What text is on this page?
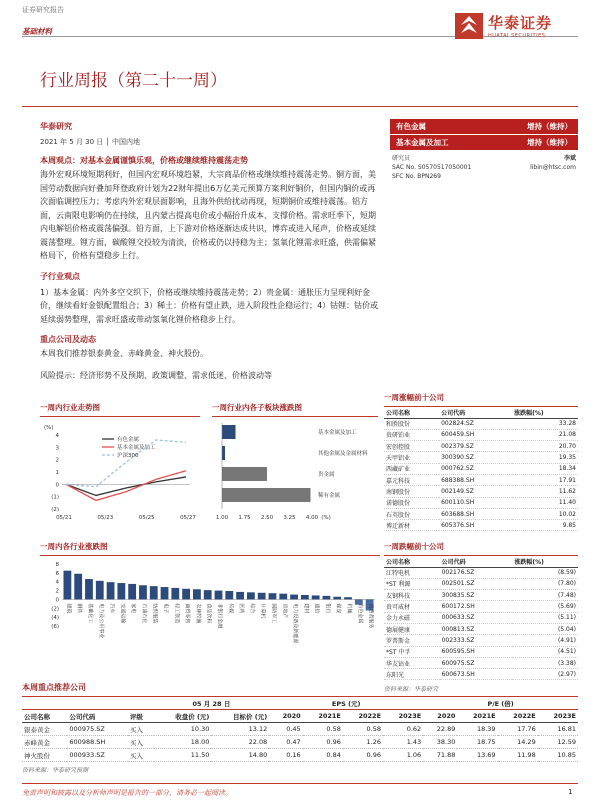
证券研究报告
基础材料	华泰证券
HUATAI SECURITIES
行业周报（第二十一周）
华泰研究
2021 年 5 月 30 日 │ 中国内地
本周观点：对基本金属谨慎乐观，价格或继续维持震荡走势
海外宏观环境短期利好，但国内宏观环境趋紧，大宗商品价格或继续维持震荡走势。铜方面，美国劳动数据向好叠加拜登政府计划为22财年提出6万亿美元预算方案利好铜价，但国内铜价或再次面临调控压力；考虑内外宏观层面影响，且海外供给扰动再现，短期铜价或维持震荡。铝方面，云南限电影响仍在持续，且内蒙古提高电价或小幅抬升成本、支撑价格。需求旺季下，短期内电解铝价格或震荡偏强。铅方面，上下游对价格逐渐达成共识，博弈或进入尾声，价格或延续震荡整理。锂方面，碳酸锂交投较为清淡，价格或仍以持稳为主；氢氧化锂需求旺盛，供需偏紧格局下，价格有望稳步上行。
子行业观点
1）基本金属：内外多空交织下，价格或继续维持震荡走势；2）贵金属：通胀压力呈现利好金价，继续看好金银配置组合；3）稀土：价格有望止跌，进入阶段性企稳运行；4）钴锂：钴价或延续弱势整理，需求旺盛或带动氢氧化锂价格稳步上行。
重点公司及动态
本周我们推荐银泰黄金、赤峰黄金、神火股份。
风险提示：经济形势不及预期、政策调整、需求低迷、价格波动等
有色金属	增持（维持）
基本金属及加工	增持（维持）
研究员	李斌
SAC No. S0570517050001	libin@htsc.com
SFC No. BPN269
一周涨幅前十公司
公司名称	公司代码	涨跌幅(%)
和胜股份	002824.SZ	33.28
贵研铂业	600459.SH	21.08
宏创控股	002379.SZ	20.70
天甲铝业	300390.SZ	19.35
西藏矿业	000762.SZ	18.34
嘉元科技	688388.SH	17.91
南钢股份	002149.SZ	11.62
诺德股份	600110.SH	11.40
石英股份	603688.SH	10.02
博迁新材	605376.SH	9.85
一周跌幅前十公司
公司名称	公司代码	涨跌幅(%)
江特电机	002176.SZ	(8.59)
*ST 利源	002501.SZ	(7.80)
友钢科技	300835.SZ	(7.48)
贵可威材	600172.SH	(5.69)
金力永磁	000633.SZ	(5.11)
德展健康	000813.SZ	(5.04)
罗普斯金	002333.SZ	(4.91)
*ST 中孚	600595.SH	(4.51)
华友钴业	600975.SZ	(3.38)
东阳光	600673.SH	(2.97)
资料来源：华泰研究
一周内行业走势图
(%)
4
3
2
1
0
(1)
(2)
05/21	05/23	05/25	05/27
有色金属
基本金属及加工
沪深300
一周行业内各子板块涨跌图
基本金属及加工
其他金属及金属材料
贵金属
稀有金属
1.00 1.75 2.50 3.25 4.00 (%)
一周内各行业涨跌图
8
6
4
2
0
(2)
(4)
(6)
建筑 钢铁 基础化工 电力及公用事业 汽车 交通运输 家电 石油石化 纺织服装 电子 轻工制造 商贸零售 农林牧渔 食品饮料 非银行金融 传媒 医药 综合 计算机 国防军工 房地产 电力设备及新能源 建材 通信 银行 煤炭 机械 有色金属 消费者服务
本周重点推荐公司
			05 月 28 日		EPS (元)				P/E (倍)			
公司名称	公司代码	评级	收盘价 (元)	目标价 (元)	2020	2021E	2022E	2023E	2020	2021E	2022E	2023E
银泰黄金	000975.SZ	买入	10.30	13.12	0.45	0.58	0.58	0.62	22.89	18.39	17.76	16.81
赤峰黄金	600988.SH	买入	18.00	22.08	0.47	0.96	1.26	1.43	38.30	18.75	14.29	12.59
神火股份	000933.SZ	买入	11.50	14.80	0.16	0.84	0.96	1.06	71.88	13.69	11.98	10.85
资料来源：华泰研究预测
免责声明和披露以及分析师声明是报告的一部分，请务必一起阅读。	1
